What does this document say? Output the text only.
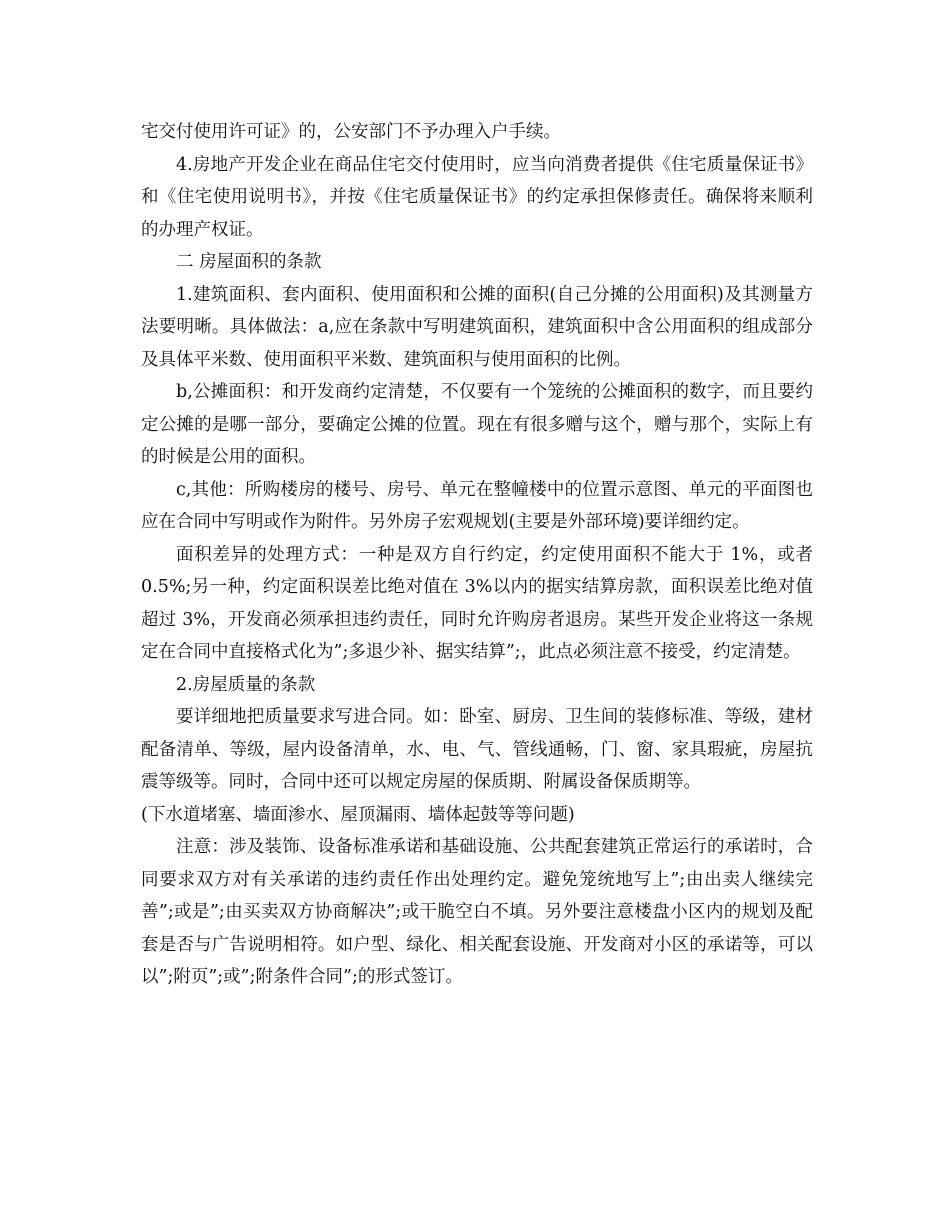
宅交付使用许可证》的，公安部门不予办理入户手续。

4.房地产开发企业在商品住宅交付使用时，应当向消费者提供《住宅质量保证书》和《住宅使用说明书》，并按《住宅质量保证书》的约定承担保修责任。确保将来顺利的办理产权证。

二 房屋面积的条款

1.建筑面积、套内面积、使用面积和公摊的面积(自己分摊的公用面积)及其测量方法要明晰。具体做法：a,应在条款中写明建筑面积，建筑面积中含公用面积的组成部分及具体平米数、使用面积平米数、建筑面积与使用面积的比例。

b,公摊面积：和开发商约定清楚，不仅要有一个笼统的公摊面积的数字，而且要约定公摊的是哪一部分，要确定公摊的位置。现在有很多赠与这个，赠与那个，实际上有的时候是公用的面积。

c,其他：所购楼房的楼号、房号、单元在整幢楼中的位置示意图、单元的平面图也应在合同中写明或作为附件。另外房子宏观规划(主要是外部环境)要详细约定。

面积差异的处理方式：一种是双方自行约定，约定使用面积不能大于 1%，或者 0.5%;另一种，约定面积误差比绝对值在 3%以内的据实结算房款，面积误差比绝对值超过 3%，开发商必须承担违约责任，同时允许购房者退房。某些开发企业将这一条规定在合同中直接格式化为”;多退少补、据实结算”;，此点必须注意不接受，约定清楚。

2.房屋质量的条款

要详细地把质量要求写进合同。如：卧室、厨房、卫生间的装修标准、等级，建材配备清单、等级，屋内设备清单，水、电、气、管线通畅，门、窗、家具瑕疵，房屋抗震等级等。同时，合同中还可以规定房屋的保质期、附属设备保质期等。

(下水道堵塞、墙面渗水、屋顶漏雨、墙体起鼓等等问题)

注意：涉及装饰、设备标准承诺和基础设施、公共配套建筑正常运行的承诺时，合同要求双方对有关承诺的违约责任作出处理约定。避免笼统地写上”;由出卖人继续完善”;或是”;由买卖双方协商解决”;或干脆空白不填。另外要注意楼盘小区内的规划及配套是否与广告说明相符。如户型、绿化、相关配套设施、开发商对小区的承诺等，可以以”;附页”;或”;附条件合同”;的形式签订。
